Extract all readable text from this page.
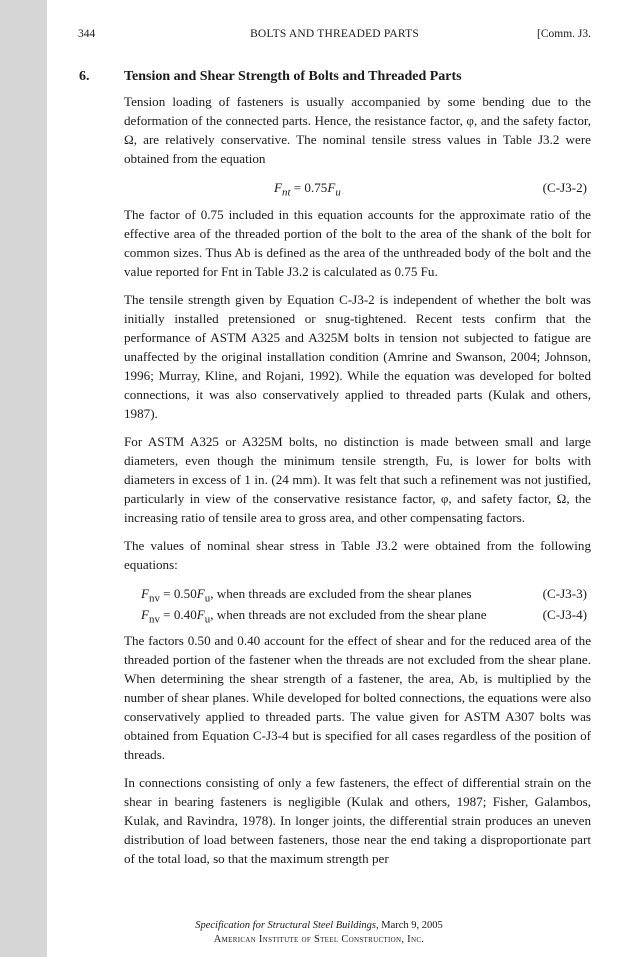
344	BOLTS AND THREADED PARTS	[Comm. J3.
6. Tension and Shear Strength of Bolts and Threaded Parts

Tension loading of fasteners is usually accompanied by some bending due to the deformation of the connected parts. Hence, the resistance factor, φ, and the safety factor, Ω, are relatively conservative. The nominal tensile stress values in Table J3.2 were obtained from the equation

$F_{nt} = 0.75F_u$	(C-J3-2)

The factor of 0.75 included in this equation accounts for the approximate ratio of the effective area of the threaded portion of the bolt to the area of the shank of the bolt for common sizes. Thus Ab is defined as the area of the unthreaded body of the bolt and the value reported for Fnt in Table J3.2 is calculated as 0.75 Fu.

The tensile strength given by Equation C-J3-2 is independent of whether the bolt was initially installed pretensioned or snug-tightened. Recent tests confirm that the performance of ASTM A325 and A325M bolts in tension not subjected to fatigue are unaffected by the original installation condition (Amrine and Swanson, 2004; Johnson, 1996; Murray, Kline, and Rojani, 1992). While the equation was developed for bolted connections, it was also conservatively applied to threaded parts (Kulak and others, 1987).

For ASTM A325 or A325M bolts, no distinction is made between small and large diameters, even though the minimum tensile strength, Fu, is lower for bolts with diameters in excess of 1 in. (24 mm). It was felt that such a refinement was not justified, particularly in view of the conservative resistance factor, φ, and safety factor, Ω, the increasing ratio of tensile area to gross area, and other compensating factors.

The values of nominal shear stress in Table J3.2 were obtained from the following equations:

$F_{nv} = 0.50F_u$, when threads are excluded from the shear planes	(C-J3-3)
$F_{nv} = 0.40F_u$, when threads are not excluded from the shear plane	(C-J3-4)

The factors 0.50 and 0.40 account for the effect of shear and for the reduced area of the threaded portion of the fastener when the threads are not excluded from the shear plane. When determining the shear strength of a fastener, the area, Ab, is multiplied by the number of shear planes. While developed for bolted connections, the equations were also conservatively applied to threaded parts. The value given for ASTM A307 bolts was obtained from Equation C-J3-4 but is specified for all cases regardless of the position of threads.

In connections consisting of only a few fasteners, the effect of differential strain on the shear in bearing fasteners is negligible (Kulak and others, 1987; Fisher, Galambos, Kulak, and Ravindra, 1978). In longer joints, the differential strain produces an uneven distribution of load between fasteners, those near the end taking a disproportionate part of the total load, so that the maximum strength per

Specification for Structural Steel Buildings, March 9, 2005
American Institute of Steel Construction, Inc.
